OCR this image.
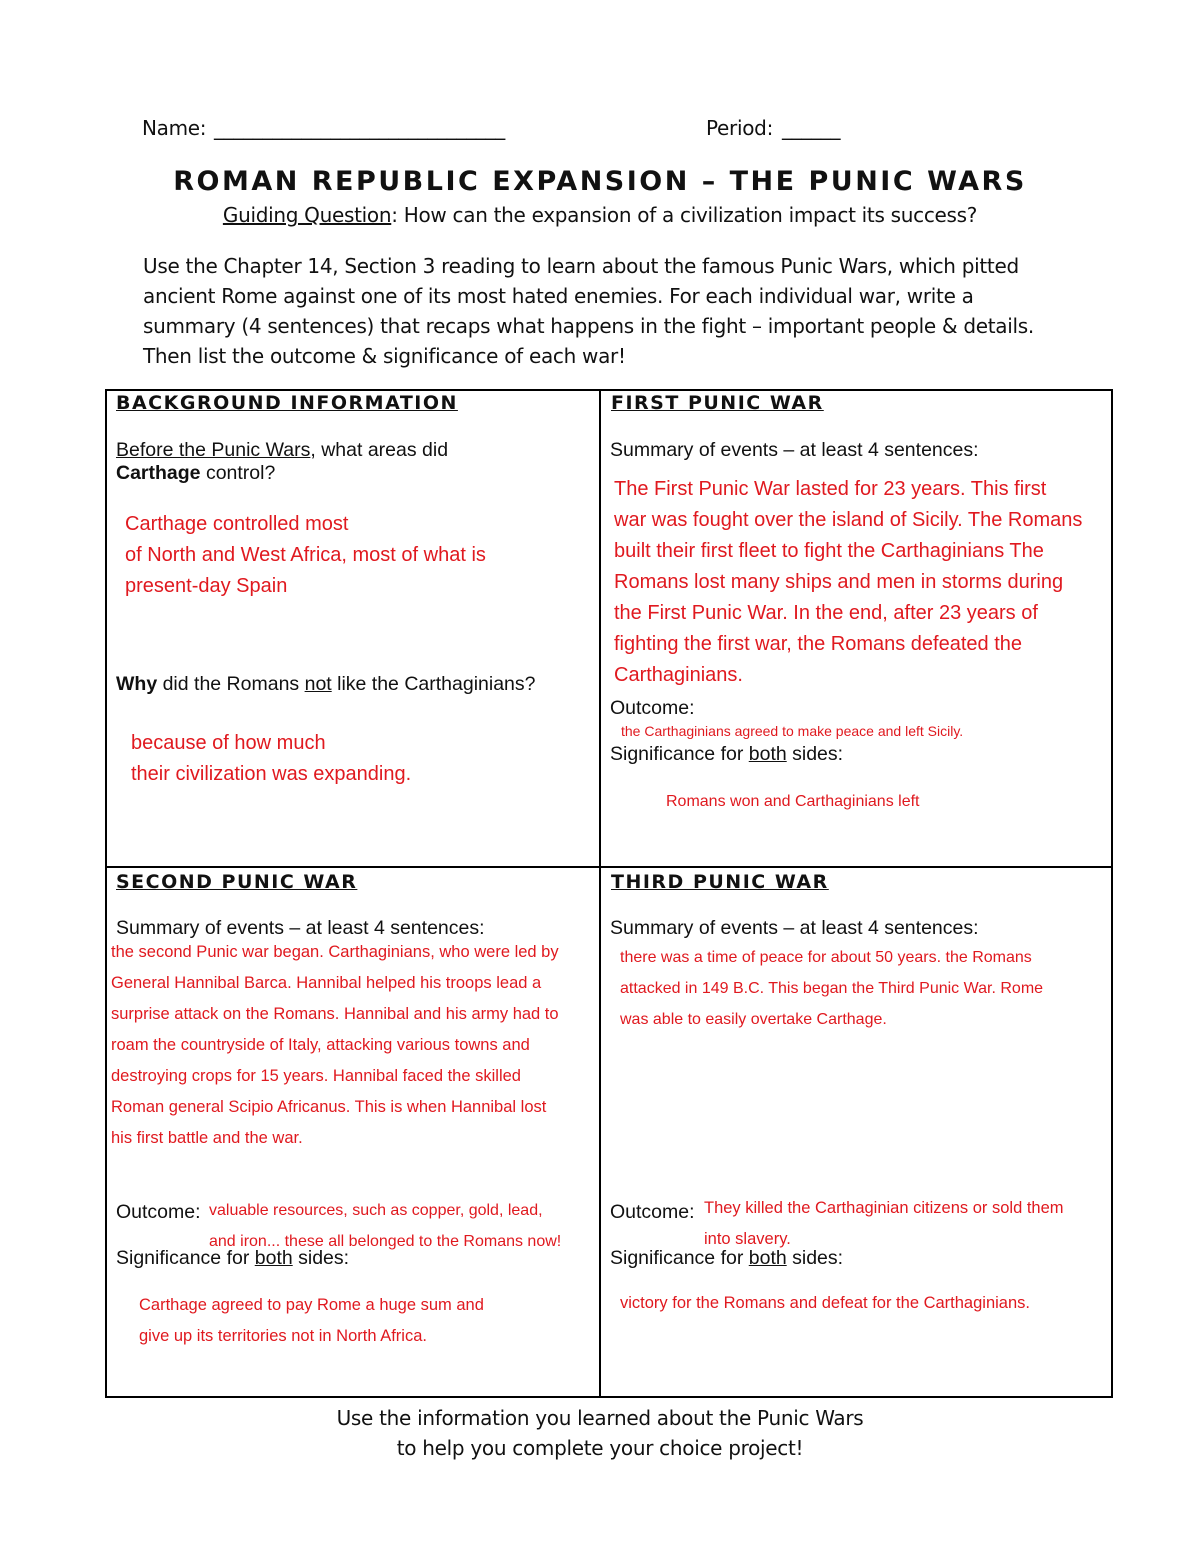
Name: ______________________________	Period: ______
ROMAN REPUBLIC EXPANSION – THE PUNIC WARS
Guiding Question: How can the expansion of a civilization impact its success?
Use the Chapter 14, Section 3 reading to learn about the famous Punic Wars, which pitted
ancient Rome against one of its most hated enemies. For each individual war, write a
summary (4 sentences) that recaps what happens in the fight – important people & details.
Then list the outcome & significance of each war!
BACKGROUND INFORMATION
Before the Punic Wars, what areas did
Carthage control?
Carthage controlled most
of North and West Africa, most of what is
present-day Spain
Why did the Romans not like the Carthaginians?
because of how much
their civilization was expanding.
FIRST PUNIC WAR
Summary of events – at least 4 sentences:
The First Punic War lasted for 23 years. This first
war was fought over the island of Sicily. The Romans
built their first fleet to fight the Carthaginians The
Romans lost many ships and men in storms during
the First Punic War. In the end, after 23 years of
fighting the first war, the Romans defeated the
Carthaginians.
Outcome:
the Carthaginians agreed to make peace and left Sicily.
Significance for both sides:
Romans won and Carthaginians left
SECOND PUNIC WAR
Summary of events – at least 4 sentences:
the second Punic war began. Carthaginians, who were led by
General Hannibal Barca. Hannibal helped his troops lead a
surprise attack on the Romans. Hannibal and his army had to
roam the countryside of Italy, attacking various towns and
destroying crops for 15 years. Hannibal faced the skilled
Roman general Scipio Africanus. This is when Hannibal lost
his first battle and the war.
Outcome: valuable resources, such as copper, gold, lead,
and iron... these all belonged to the Romans now!
Significance for both sides:
Carthage agreed to pay Rome a huge sum and
give up its territories not in North Africa.
THIRD PUNIC WAR
Summary of events – at least 4 sentences:
there was a time of peace for about 50 years. the Romans
attacked in 149 B.C. This began the Third Punic War. Rome
was able to easily overtake Carthage.
Outcome: They killed the Carthaginian citizens or sold them
into slavery.
Significance for both sides:
victory for the Romans and defeat for the Carthaginians.
Use the information you learned about the Punic Wars
to help you complete your choice project!
